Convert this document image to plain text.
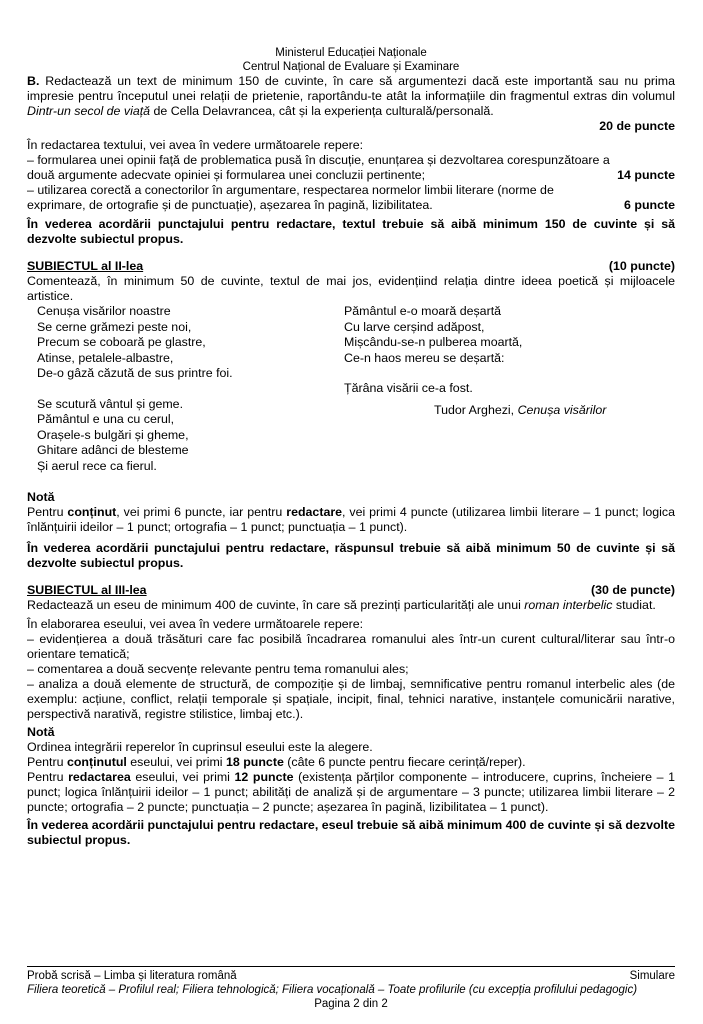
Ministerul Educației Naționale
Centrul Național de Evaluare și Examinare

B. Redactează un text de minimum 150 de cuvinte, în care să argumentezi dacă este importantă sau nu prima impresie pentru începutul unei relații de prietenie, raportându-te atât la informațiile din fragmentul extras din volumul Dintr-un secol de viață de Cella Delavrancea, cât și la experiența culturală/personală.

20 de puncte

În redactarea textului, vei avea în vedere următoarele repere:

– formularea unei opinii față de problematica pusă în discuție, enunțarea și dezvoltarea corespunzătoare a

două argumente adecvate opiniei și formularea unei concluzii pertinente;	14 puncte

– utilizarea corectă a conectorilor în argumentare, respectarea normelor limbii literare (norme de

exprimare, de ortografie și de punctuație), așezarea în pagină, lizibilitatea.	6 puncte

În vederea acordării punctajului pentru redactare, textul trebuie să aibă minimum 150 de cuvinte și să dezvolte subiectul propus.

SUBIECTUL al II-lea	(10 puncte)

Comentează, în minimum 50 de cuvinte, textul de mai jos, evidențiind relația dintre ideea poetică și mijloacele artistice.

Cenușa visărilor noastre
Se cerne grămezi peste noi,
Precum se coboară pe glastre,
Atinse, petalele-albastre,
De-o gâză căzută de sus printre foi.
Se scutură vântul și geme.
Pământul e una cu cerul,
Orașele-s bulgări și gheme,
Ghitare adânci de blesteme
Și aerul rece ca fierul.
Pământul e-o moară deșartă
Cu larve cerșind adăpost,
Mișcându-se-n pulberea moartă,
Ce-n haos mereu se deșartă:
Țărâna visării ce-a fost.
Tudor Arghezi, Cenușa visărilor

Notă

Pentru conținut, vei primi 6 puncte, iar pentru redactare, vei primi 4 puncte (utilizarea limbii literare – 1 punct; logica înlănțuirii ideilor – 1 punct; ortografia – 1 punct; punctuația – 1 punct).

În vederea acordării punctajului pentru redactare, răspunsul trebuie să aibă minimum 50 de cuvinte și să dezvolte subiectul propus.

SUBIECTUL al III-lea	(30 de puncte)

Redactează un eseu de minimum 400 de cuvinte, în care să prezinți particularități ale unui roman interbelic studiat.

În elaborarea eseului, vei avea în vedere următoarele repere:

– evidențierea a două trăsături care fac posibilă încadrarea romanului ales într-un curent cultural/literar sau într-o orientare tematică;

– comentarea a două secvențe relevante pentru tema romanului ales;

– analiza a două elemente de structură, de compoziție și de limbaj, semnificative pentru romanul interbelic ales (de exemplu: acțiune, conflict, relații temporale și spațiale, incipit, final, tehnici narative, instanțele comunicării narative, perspectivă narativă, registre stilistice, limbaj etc.).

Notă

Ordinea integrării reperelor în cuprinsul eseului este la alegere.

Pentru conținutul eseului, vei primi 18 puncte (câte 6 puncte pentru fiecare cerință/reper).

Pentru redactarea eseului, vei primi 12 puncte (existența părților componente – introducere, cuprins, încheiere – 1 punct; logica înlănțuirii ideilor – 1 punct; abilități de analiză și de argumentare – 3 puncte; utilizarea limbii literare – 2 puncte; ortografia – 2 puncte; punctuația – 2 puncte; așezarea în pagină, lizibilitatea – 1 punct).

În vederea acordării punctajului pentru redactare, eseul trebuie să aibă minimum 400 de cuvinte și să dezvolte subiectul propus.

Probă scrisă – Limba și literatura română	Simulare
Filiera teoretică – Profilul real; Filiera tehnologică; Filiera vocațională – Toate profilurile (cu excepția profilului pedagogic)
Pagina 2 din 2
